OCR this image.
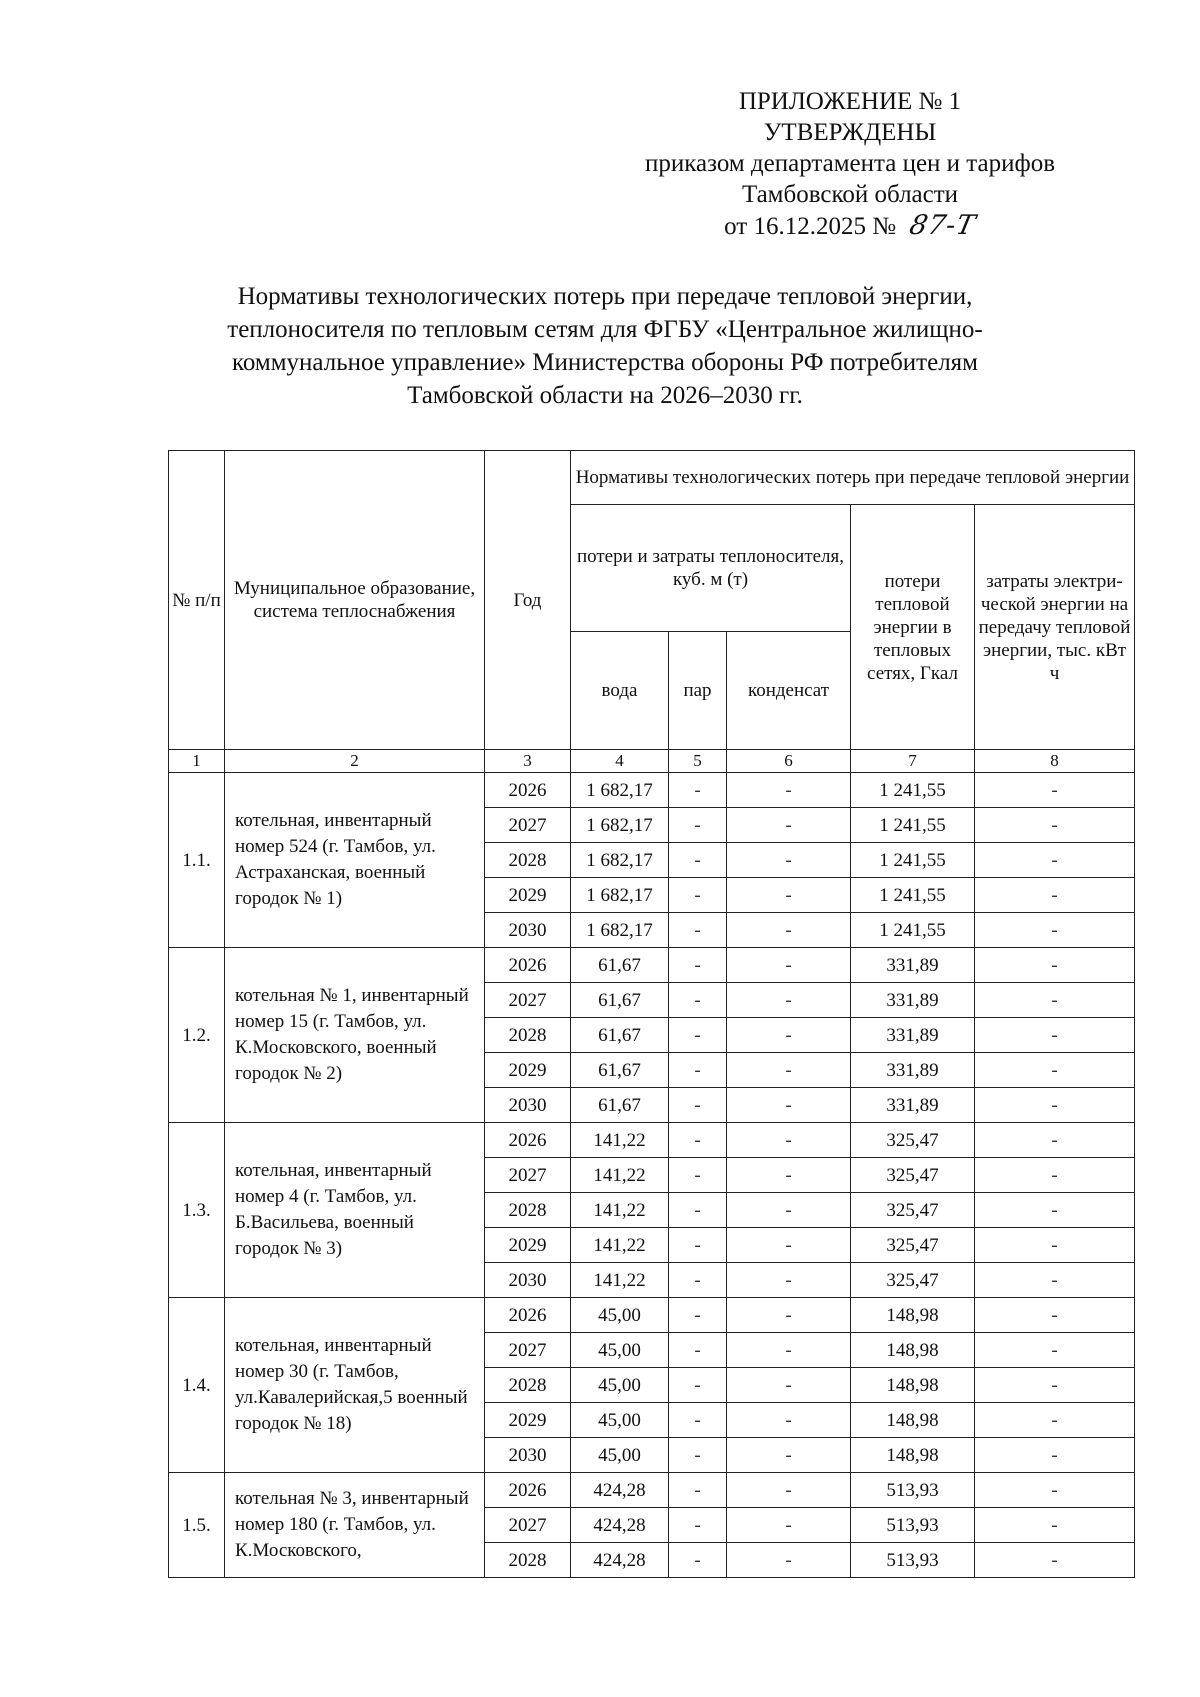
ПРИЛОЖЕНИЕ № 1
УТВЕРЖДЕНЫ
приказом департамента цен и тарифов
Тамбовской области
от 16.12.2025 № 87-Т
Нормативы технологических потерь при передаче тепловой энергии,
теплоносителя по тепловым сетям для ФГБУ «Центральное жилищно-
коммунальное управление» Министерства обороны РФ потребителям
Тамбовской области на 2026–2030 гг.
№ п/п	Муниципальное образование, система теплоснабжения	Год	Нормативы технологических потерь при передаче тепловой энергии				
			потери и затраты теплоносителя, куб. м (т)			потери тепловой энергии в тепловых сетях, Гкал	затраты электри-ческой энергии на передачу тепловой энергии, тыс. кВт ч
			вода	пар	конденсат		
1	2	3	4	5	6	7	8
1.1.	котельная, инвентарный номер 524 (г. Тамбов, ул. Астраханская, военный городок № 1)	2026	1 682,17	-	-	1 241,55	-
		2027	1 682,17	-	-	1 241,55	-
		2028	1 682,17	-	-	1 241,55	-
		2029	1 682,17	-	-	1 241,55	-
		2030	1 682,17	-	-	1 241,55	-
1.2.	котельная № 1, инвентарный номер 15 (г. Тамбов, ул. К.Московского, военный городок № 2)	2026	61,67	-	-	331,89	-
		2027	61,67	-	-	331,89	-
		2028	61,67	-	-	331,89	-
		2029	61,67	-	-	331,89	-
		2030	61,67	-	-	331,89	-
1.3.	котельная, инвентарный номер 4 (г. Тамбов, ул. Б.Васильева, военный городок № 3)	2026	141,22	-	-	325,47	-
		2027	141,22	-	-	325,47	-
		2028	141,22	-	-	325,47	-
		2029	141,22	-	-	325,47	-
		2030	141,22	-	-	325,47	-
1.4.	котельная, инвентарный номер 30 (г. Тамбов, ул.Кавалерийская,5 военный городок № 18)	2026	45,00	-	-	148,98	-
		2027	45,00	-	-	148,98	-
		2028	45,00	-	-	148,98	-
		2029	45,00	-	-	148,98	-
		2030	45,00	-	-	148,98	-
1.5.	котельная № 3, инвентарный номер 180 (г. Тамбов, ул. К.Московского,	2026	424,28	-	-	513,93	-
		2027	424,28	-	-	513,93	-
		2028	424,28	-	-	513,93	-
